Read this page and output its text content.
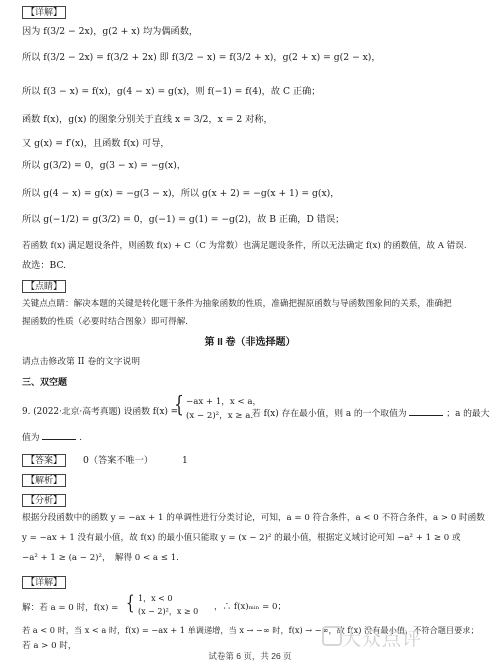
【详解】
因为 f(3/2 − 2x)，g(2 + x) 均为偶函数，
所以 f(3/2 − 2x) = f(3/2 + 2x) 即 f(3/2 − x) = f(3/2 + x)，g(2 + x) = g(2 − x)，
所以 f(3 − x) = f(x)，g(4 − x) = g(x)，则 f(−1) = f(4)，故 C 正确；
函数 f(x)，g(x) 的图象分别关于直线 x = 3/2，x = 2 对称，
又 g(x) = f′(x)，且函数 f(x) 可导，
所以 g(3/2) = 0，g(3 − x) = −g(x)，
所以 g(4 − x) = g(x) = −g(3 − x)，所以 g(x + 2) = −g(x + 1) = g(x)，
所以 g(−1/2) = g(3/2) = 0，g(−1) = g(1) = −g(2)，故 B 正确，D 错误；
若函数 f(x) 满足题设条件，则函数 f(x) + C（C 为常数）也满足题设条件，所以无法确定 f(x) 的函数值，故 A 错误.
故选：BC.
【点睛】
关键点点睛：解决本题的关键是转化题干条件为抽象函数的性质，准确把握原函数与导函数图象间的关系，准确把
握函数的性质（必要时结合图象）即可得解.
第 II 卷（非选择题）
请点击修改第 II 卷的文字说明
三、双空题
9. (2022·北京·高考真题) 设函数 f(x) =
{ −ax + 1，x < a，
(x − 2)²，x ≥ a.
若 f(x) 存在最小值，则 a 的一个取值为	；a 的最大
值为	.
【答案】 0（答案不唯一）	1
【解析】
【分析】
根据分段函数中的函数 y = −ax + 1 的单调性进行分类讨论，可知，a = 0 符合条件，a < 0 不符合条件，a > 0 时函数
y = −ax + 1 没有最小值，故 f(x) 的最小值只能取 y = (x − 2)² 的最小值，根据定义域讨论可知 −a² + 1 ≥ 0 或
−a² + 1 ≥ (a − 2)²，　解得 0 < a ≤ 1.
【详解】
解：若 a = 0 时，f(x) = { 1，x < 0
(x − 2)²，x ≥ 0 ，∴ f(x)ₘᵢₙ = 0；
若 a < 0 时，当 x < a 时，f(x) = −ax + 1 单调递增，当 x → −∞ 时，f(x) → −∞，故 f(x) 没有最小值，不符合题目要求；
若 a > 0 时，	大众点评
试卷第 6 页，共 26 页
